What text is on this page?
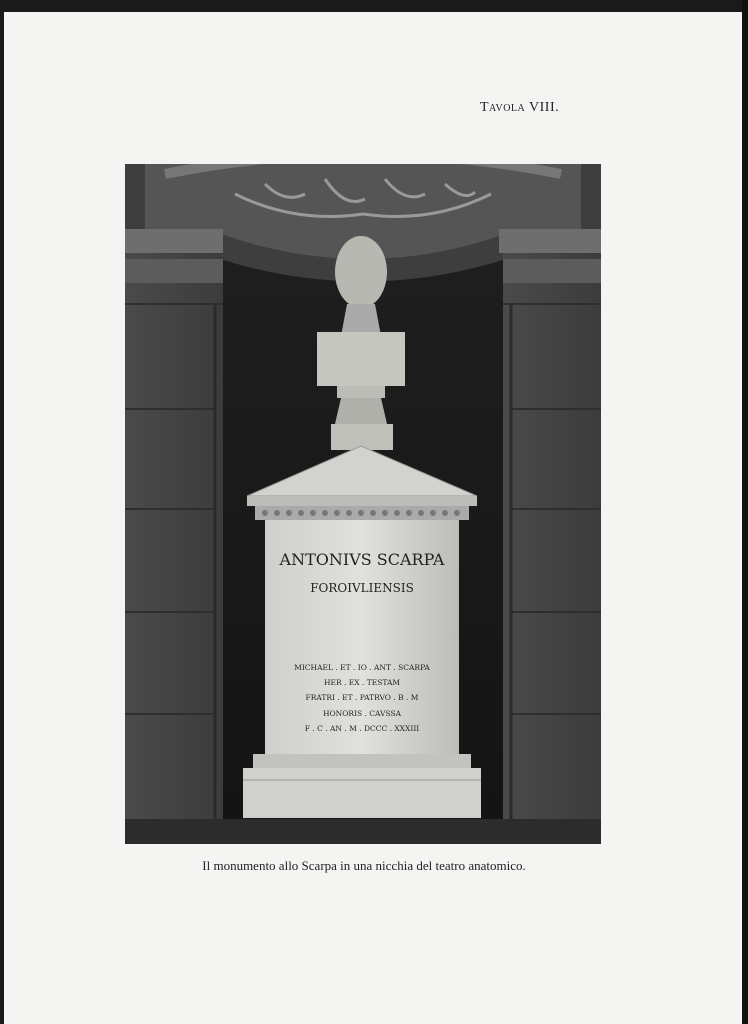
Tavola VIII.
ANTONIVS SCARPA
FOROIVLIENSIS
MICHAEL . ET . IO . ANT . SCARPA
HER . EX . TESTAM
FRATRI . ET . PATRVO . B . M
HONORIS . CAVSSA
F . C . AN . M . DCCC . XXXIII
Il monumento allo Scarpa in una nicchia del teatro anatomico.
